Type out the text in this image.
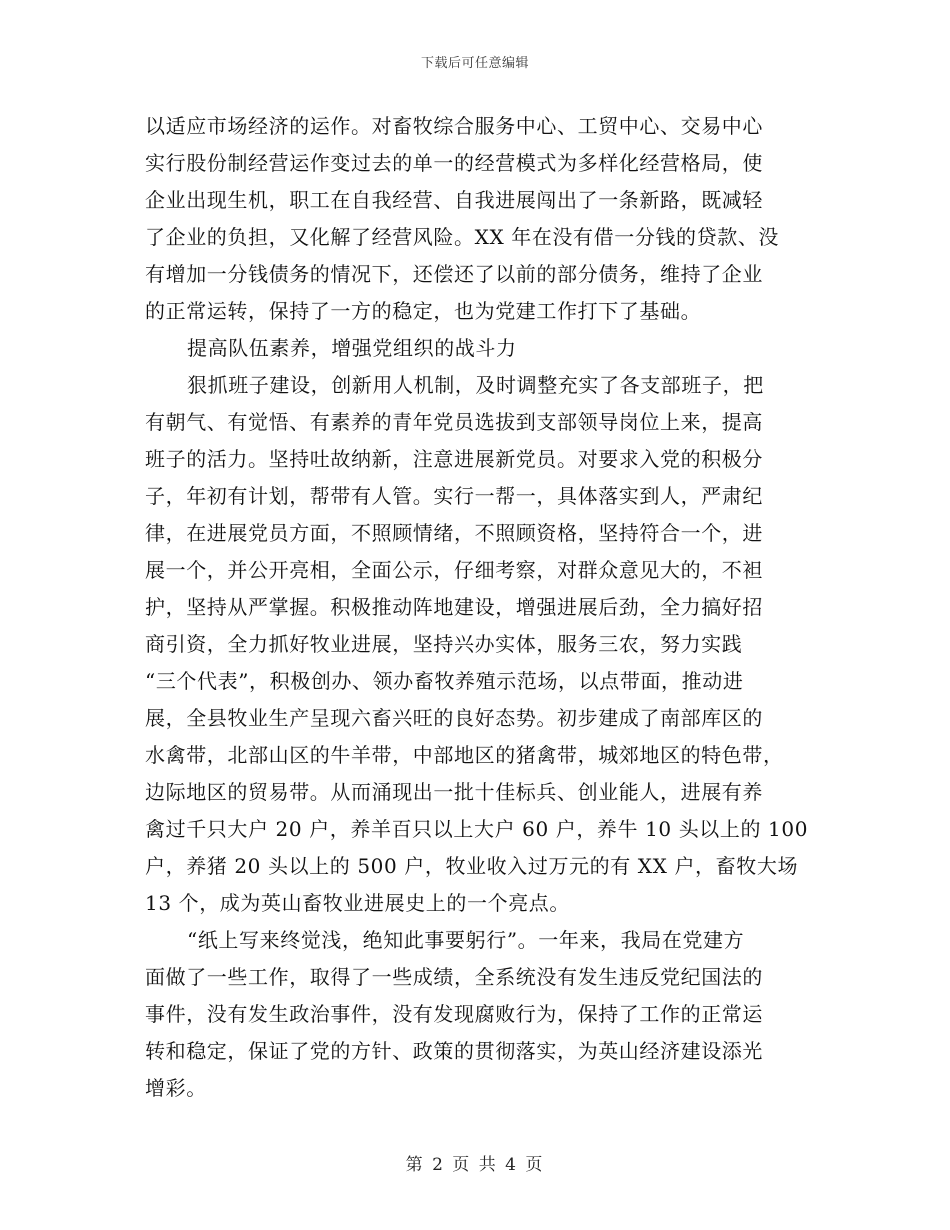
下载后可任意编辑
以适应市场经济的运作。对畜牧综合服务中心、工贸中心、交易中心
实行股份制经营运作变过去的单一的经营模式为多样化经营格局，使
企业出现生机，职工在自我经营、自我进展闯出了一条新路，既减轻
了企业的负担，又化解了经营风险。XX 年在没有借一分钱的贷款、没
有增加一分钱债务的情况下，还偿还了以前的部分债务，维持了企业
的正常运转，保持了一方的稳定，也为党建工作打下了基础。
提高队伍素养，增强党组织的战斗力
狠抓班子建设，创新用人机制，及时调整充实了各支部班子，把
有朝气、有觉悟、有素养的青年党员选拔到支部领导岗位上来，提高
班子的活力。坚持吐故纳新，注意进展新党员。对要求入党的积极分
子，年初有计划，帮带有人管。实行一帮一，具体落实到人，严肃纪
律，在进展党员方面，不照顾情绪，不照顾资格，坚持符合一个，进
展一个，并公开亮相，全面公示，仔细考察，对群众意见大的，不袒
护，坚持从严掌握。积极推动阵地建设，增强进展后劲，全力搞好招
商引资，全力抓好牧业进展，坚持兴办实体，服务三农，努力实践
“三个代表”，积极创办、领办畜牧养殖示范场，以点带面，推动进
展，全县牧业生产呈现六畜兴旺的良好态势。初步建成了南部库区的
水禽带，北部山区的牛羊带，中部地区的猪禽带，城郊地区的特色带，
边际地区的贸易带。从而涌现出一批十佳标兵、创业能人，进展有养
禽过千只大户 20 户，养羊百只以上大户 60 户，养牛 10 头以上的 100
户，养猪 20 头以上的 500 户，牧业收入过万元的有 XX 户，畜牧大场
13 个，成为英山畜牧业进展史上的一个亮点。
“纸上写来终觉浅，绝知此事要躬行”。一年来，我局在党建方
面做了一些工作，取得了一些成绩，全系统没有发生违反党纪国法的
事件，没有发生政治事件，没有发现腐败行为，保持了工作的正常运
转和稳定，保证了党的方针、政策的贯彻落实，为英山经济建设添光
增彩。
第 2 页 共 4 页
